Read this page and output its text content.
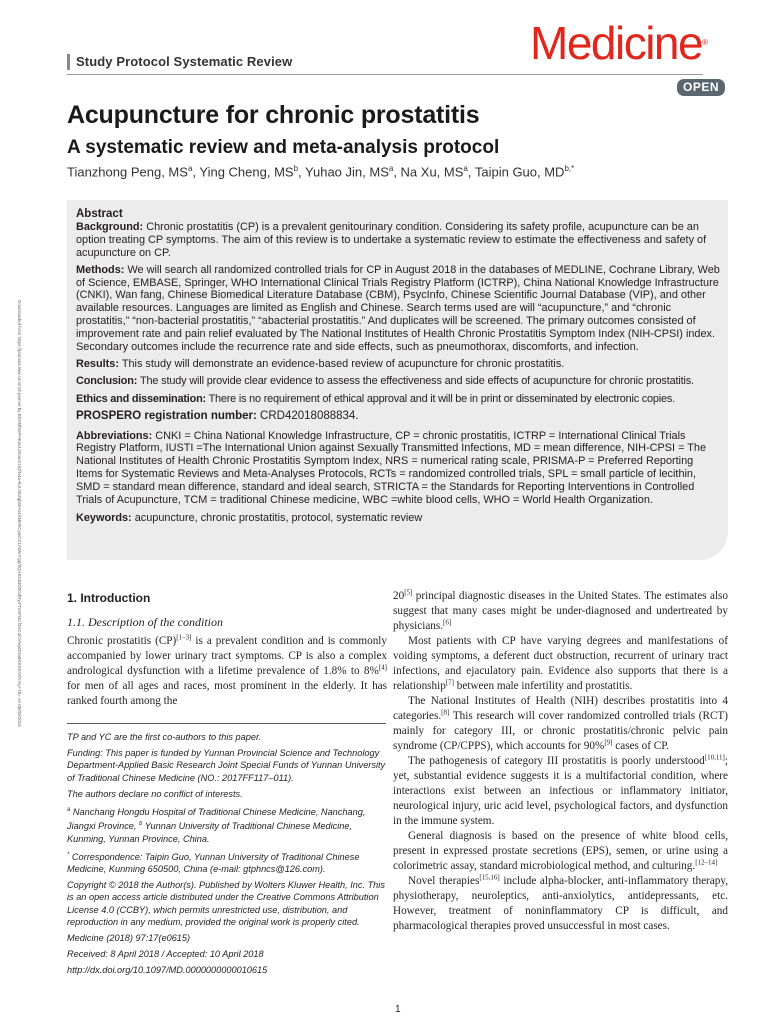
Study Protocol Systematic Review	Medicine®
OPEN
Acupuncture for chronic prostatitis
A systematic review and meta-analysis protocol
Tianzhong Peng, $MS^a$, Ying Cheng, $MS^b$, Yuhao Jin, $MS^a$, Na Xu, $MS^a$, Taipin Guo, $MD^{b,*}$
Downloaded from https://journals.lww.com/md-journal by BhDMf5ePHKav1zEoum1tQfN4a+kJLhEZgbsIHo4XMi0hCywCX1AWnYQp/IlQrHD3i3D0OdRyi7TvSFl4Cf3VC4/OAVpDDa8KKGKV0Ymy+78= on 05/03/2019
Abstract

Background: Chronic prostatitis (CP) is a prevalent genitourinary condition. Considering its safety profile, acupuncture can be an option treating CP symptoms. The aim of this review is to undertake a systematic review to estimate the effectiveness and safety of acupuncture on CP.

Methods: We will search all randomized controlled trials for CP in August 2018 in the databases of MEDLINE, Cochrane Library, Web of Science, EMBASE, Springer, WHO International Clinical Trials Registry Platform (ICTRP), China National Knowledge Infrastructure (CNKI), Wan fang, Chinese Biomedical Literature Database (CBM), PsycInfo, Chinese Scientific Journal Database (VIP), and other available resources. Languages are limited as English and Chinese. Search terms used are will “acupuncture,” and “chronic prostatitis,” “non-bacterial prostatitis,” “abacterial prostatitis.” And duplicates will be screened. The primary outcomes consisted of improvement rate and pain relief evaluated by The National Institutes of Health Chronic Prostatitis Symptom Index (NIH-CPSI) index. Secondary outcomes include the recurrence rate and side effects, such as pneumothorax, discomforts, and infection.

Results: This study will demonstrate an evidence-based review of acupuncture for chronic prostatitis.

Conclusion: The study will provide clear evidence to assess the effectiveness and side effects of acupuncture for chronic prostatitis.

Ethics and dissemination: There is no requirement of ethical approval and it will be in print or disseminated by electronic copies.

PROSPERO registration number: CRD42018088834.

Abbreviations: CNKI = China National Knowledge Infrastructure, CP = chronic prostatitis, ICTRP = International Clinical Trials Registry Platform, IUSTI =The International Union against Sexually Transmitted Infections, MD = mean difference, NIH-CPSI = The National Institutes of Health Chronic Prostatitis Symptom Index, NRS = numerical rating scale, PRISMA-P = Preferred Reporting Items for Systematic Reviews and Meta-Analyses Protocols, RCTs = randomized controlled trials, SPL = small particle of lecithin, SMD = standard mean difference, standard and ideal search, STRICTA = the Standards for Reporting Interventions in Controlled Trials of Acupuncture, TCM = traditional Chinese medicine, WBC =white blood cells, WHO = World Health Organization.

Keywords: acupuncture, chronic prostatitis, protocol, systematic review

1. Introduction
1.1. Description of the condition

Chronic prostatitis (CP)[1–3] is a prevalent condition and is commonly accompanied by lower urinary tract symptoms. CP is also a complex andrological dysfunction with a lifetime prevalence of 1.8% to 8%[4] for men of all ages and races, most prominent in the elderly. It has ranked fourth among the

TP and YC are the first co-authors to this paper.

Funding: This paper is funded by Yunnan Provincial Science and Technology Department-Applied Basic Research Joint Special Funds of Yunnan University of Traditional Chinese Medicine (NO.: 2017FF117–011).

The authors declare no conflict of interests.

$^a$ Nanchang Hongdu Hospital of Traditional Chinese Medicine, Nanchang, Jiangxi Province, $^b$ Yunnan University of Traditional Chinese Medicine, Kunming, Yunnan Province, China.

* Correspondence: Taipin Guo, Yunnan University of Traditional Chinese Medicine, Kunming 650500, China (e-mail: gtphncs@126.com).

Copyright © 2018 the Author(s). Published by Wolters Kluwer Health, Inc. This is an open access article distributed under the Creative Commons Attribution License 4.0 (CCBY), which permits unrestricted use, distribution, and reproduction in any medium, provided the original work is properly cited.

Medicine (2018) 97:17(e0615)

Received: 8 April 2018 / Accepted: 10 April 2018

http://dx.doi.org/10.1097/MD.0000000000010615

20[5] principal diagnostic diseases in the United States. The estimates also suggest that many cases might be under-diagnosed and undertreated by physicians.[6]

Most patients with CP have varying degrees and manifestations of voiding symptoms, a deferent duct obstruction, recurrent of urinary tract infections, and ejaculatory pain. Evidence also supports that there is a relationship[7] between male infertility and prostatitis.

The National Institutes of Health (NIH) describes prostatitis into 4 categories.[8] This research will cover randomized controlled trials (RCT) mainly for category III, or chronic prostatitis/chronic pelvic pain syndrome (CP/CPPS), which accounts for 90%[9] cases of CP.

The pathogenesis of category III prostatitis is poorly understood[10,11]; yet, substantial evidence suggests it is a multifactorial condition, where interactions exist between an infectious or inflammatory initiator, neurological injury, uric acid level, psychological factors, and dysfunction in the immune system.

General diagnosis is based on the presence of white blood cells, present in expressed prostate secretions (EPS), semen, or urine using a colorimetric assay, standard microbiological method, and culturing.[12–14]

Novel therapies[15,16] include alpha-blocker, anti-inflammatory therapy, physiotherapy, neuroleptics, anti-anxiolytics, antidepressants, etc. However, treatment of noninflammatory CP is difficult, and pharmacological therapies proved unsuccessful in most cases.

1
